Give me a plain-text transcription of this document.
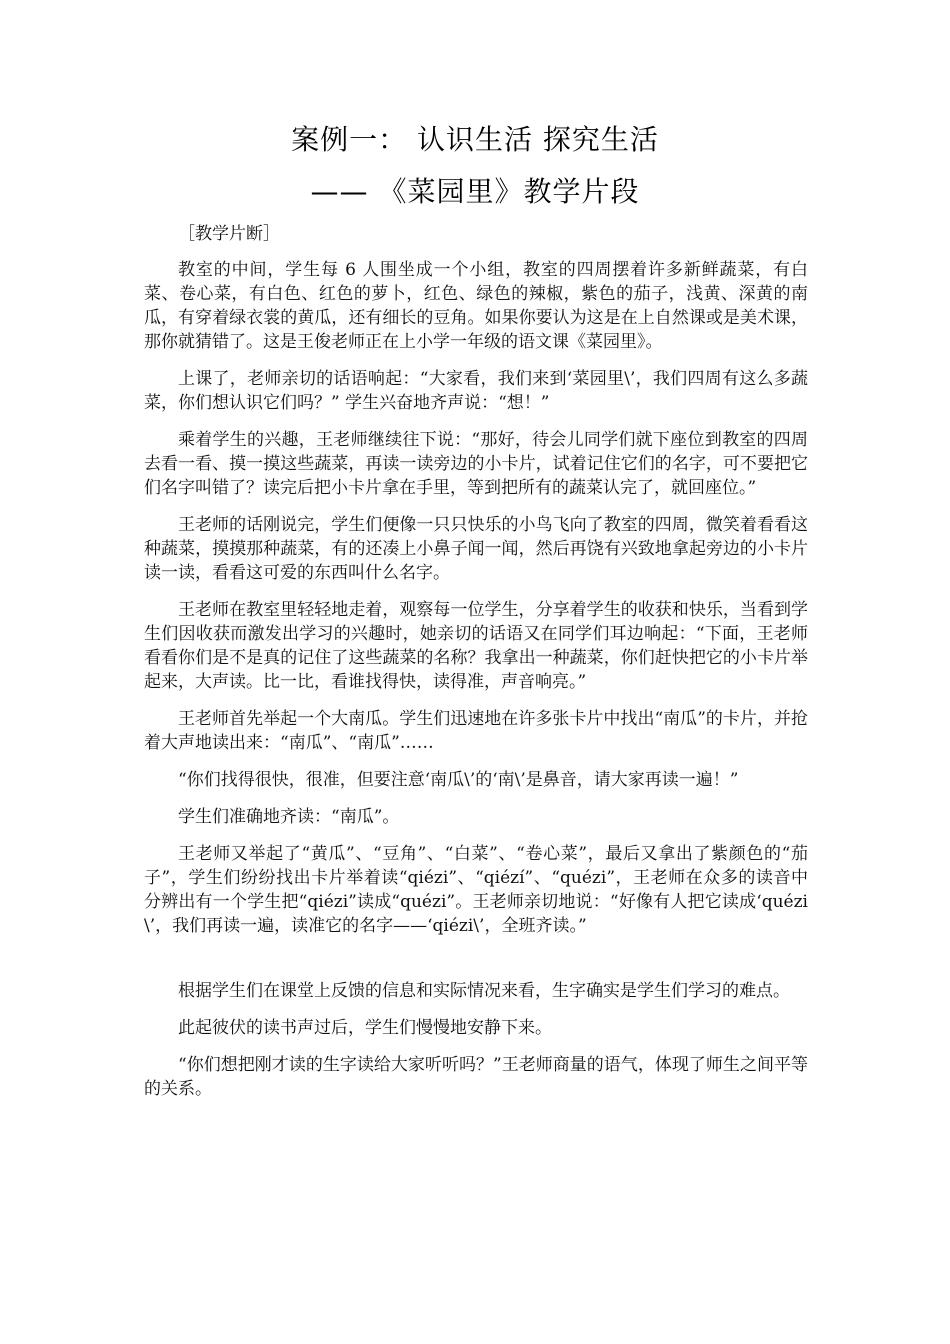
案例一： 认识生活 探究生活
—— 《菜园里》教学片段

［教学片断］

教室的中间，学生每 6 人围坐成一个小组，教室的四周摆着许多新鲜蔬菜，有白菜、卷心菜，有白色、红色的萝卜，红色、绿色的辣椒，紫色的茄子，浅黄、深黄的南瓜，有穿着绿衣裳的黄瓜，还有细长的豆角。如果你要认为这是在上自然课或是美术课，那你就猜错了。这是王俊老师正在上小学一年级的语文课《菜园里》。

上课了，老师亲切的话语响起：“大家看，我们来到‘菜园里\’，我们四周有这么多蔬菜，你们想认识它们吗？” 学生兴奋地齐声说：“想！”

乘着学生的兴趣，王老师继续往下说：“那好，待会儿同学们就下座位到教室的四周去看一看、摸一摸这些蔬菜，再读一读旁边的小卡片，试着记住它们的名字，可不要把它们名字叫错了？读完后把小卡片拿在手里，等到把所有的蔬菜认完了，就回座位。”

王老师的话刚说完，学生们便像一只只快乐的小鸟飞向了教室的四周，微笑着看看这种蔬菜，摸摸那种蔬菜，有的还凑上小鼻子闻一闻，然后再饶有兴致地拿起旁边的小卡片读一读，看看这可爱的东西叫什么名字。

王老师在教室里轻轻地走着，观察每一位学生，分享着学生的收获和快乐，当看到学生们因收获而激发出学习的兴趣时，她亲切的话语又在同学们耳边响起：“下面，王老师看看你们是不是真的记住了这些蔬菜的名称？我拿出一种蔬菜，你们赶快把它的小卡片举起来，大声读。比一比，看谁找得快，读得准，声音响亮。”

王老师首先举起一个大南瓜。学生们迅速地在许多张卡片中找出“南瓜”的卡片，并抢着大声地读出来：“南瓜”、“南瓜”……

“你们找得很快，很准，但要注意‘南瓜\’的‘南\’是鼻音，请大家再读一遍！”

学生们准确地齐读：“南瓜”。

王老师又举起了“黄瓜”、“豆角”、“白菜”、“卷心菜”，最后又拿出了紫颜色的“茄子”，学生们纷纷找出卡片举着读“qiézi”、“qiézí”、“quézi”，王老师在众多的读音中分辨出有一个学生把“qiézi”读成“quézi”。王老师亲切地说：“好像有人把它读成‘quézi \’，我们再读一遍，读准它的名字——‘qiézi\’，全班齐读。”

根据学生们在课堂上反馈的信息和实际情况来看，生字确实是学生们学习的难点。

此起彼伏的读书声过后，学生们慢慢地安静下来。

“你们想把刚才读的生字读给大家听听吗？”王老师商量的语气，体现了师生之间平等的关系。
